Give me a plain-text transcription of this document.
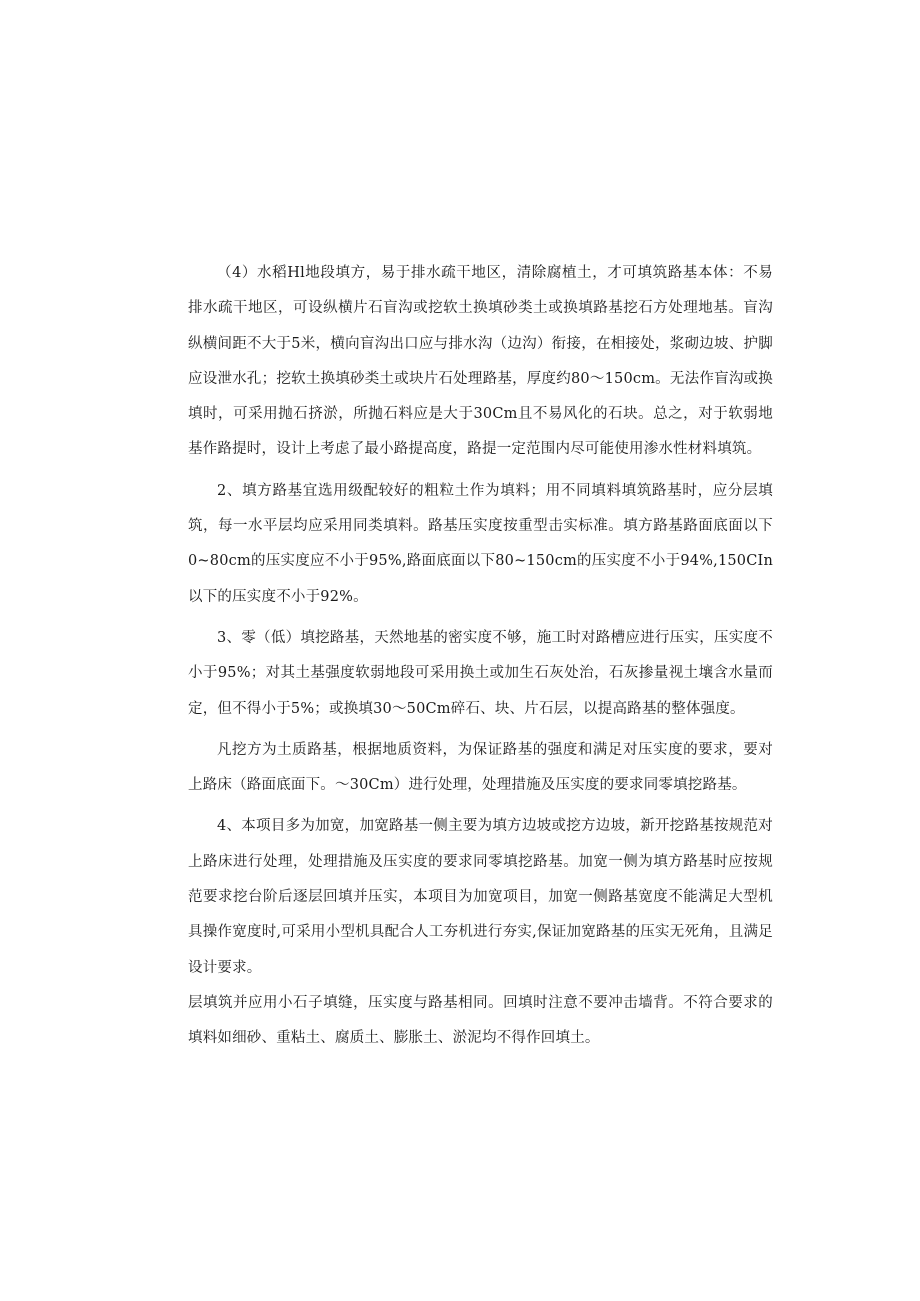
（4）水稻Hl地段填方，易于排水疏干地区，清除腐植土，才可填筑路基本体：不易排水疏干地区，可设纵横片石盲沟或挖软土换填砂类土或换填路基挖石方处理地基。盲沟纵横间距不大于5米，横向盲沟出口应与排水沟（边沟）衔接，在相接处，浆砌边坡、护脚应设泄水孔；挖软土换填砂类土或块片石处理路基，厚度约80～150cm。无法作盲沟或换填时，可采用抛石挤淤，所抛石料应是大于30Cm且不易风化的石块。总之，对于软弱地基作路提时，设计上考虑了最小路提高度，路提一定范围内尽可能使用渗水性材料填筑。

2、填方路基宜选用级配较好的粗粒土作为填料；用不同填料填筑路基时，应分层填筑，每一水平层均应采用同类填料。路基压实度按重型击实标准。填方路基路面底面以下0~80cm的压实度应不小于95%,路面底面以下80~150cm的压实度不小于94%,150CIn以下的压实度不小于92%。

3、零（低）填挖路基，天然地基的密实度不够，施工时对路槽应进行压实，压实度不小于95%；对其土基强度软弱地段可采用换土或加生石灰处治，石灰掺量视土壤含水量而定，但不得小于5%；或换填30～50Cm碎石、块、片石层，以提高路基的整体强度。

凡挖方为土质路基，根据地质资料，为保证路基的强度和满足对压实度的要求，要对上路床（路面底面下。～30Cm）进行处理，处理措施及压实度的要求同零填挖路基。

4、本项目多为加宽，加宽路基一侧主要为填方边坡或挖方边坡，新开挖路基按规范对上路床进行处理，处理措施及压实度的要求同零填挖路基。加宽一侧为填方路基时应按规范要求挖台阶后逐层回填并压实，本项目为加宽项目，加宽一侧路基宽度不能满足大型机具操作宽度时,可采用小型机具配合人工夯机进行夯实,保证加宽路基的压实无死角，且满足设计要求。

层填筑并应用小石子填缝，压实度与路基相同。回填时注意不要冲击墙背。不符合要求的填料如细砂、重粘土、腐质土、膨胀土、淤泥均不得作回填土。
